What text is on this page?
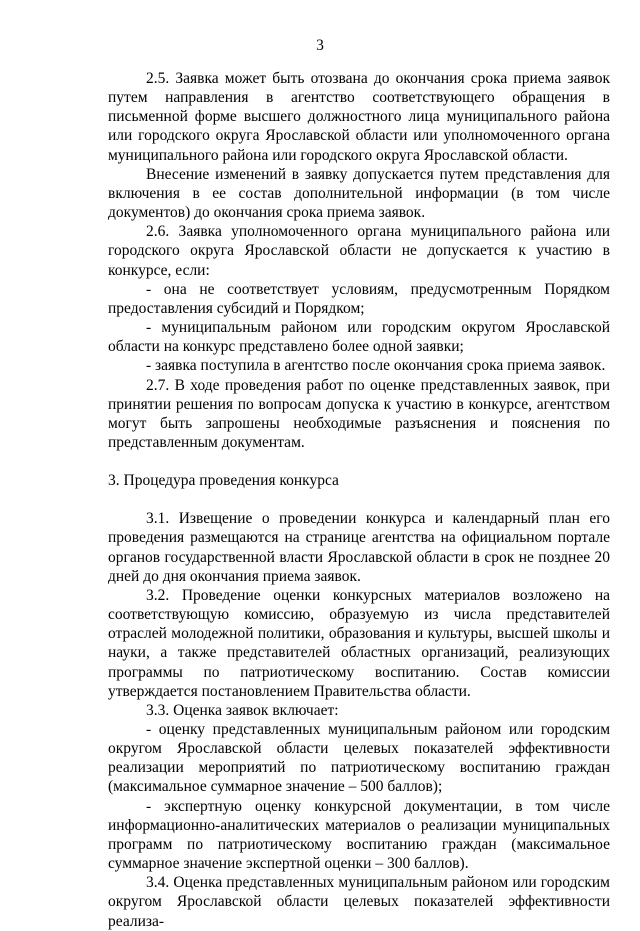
3

2.5. Заявка может быть отозвана до окончания срока приема заявок путем направления в агентство соответствующего обращения в письменной форме высшего должностного лица муниципального района или городского округа Ярославской области или уполномоченного органа муниципального района или городского округа Ярославской области.

Внесение изменений в заявку допускается путем представления для включения в ее состав дополнительной информации (в том числе документов) до окончания срока приема заявок.

2.6. Заявка уполномоченного органа муниципального района или городского округа Ярославской области не допускается к участию в конкурсе, если:

- она не соответствует условиям, предусмотренным Порядком предоставления субсидий и Порядком;

- муниципальным районом или городским округом Ярославской области на конкурс представлено более одной заявки;

- заявка поступила в агентство после окончания срока приема заявок.

2.7. В ходе проведения работ по оценке представленных заявок, при принятии решения по вопросам допуска к участию в конкурсе, агентством могут быть запрошены необходимые разъяснения и пояснения по представленным документам.

3. Процедура проведения конкурса

3.1. Извещение о проведении конкурса и календарный план его проведения размещаются на странице агентства на официальном портале органов государственной власти Ярославской области в срок не позднее 20 дней до дня окончания приема заявок.

3.2. Проведение оценки конкурсных материалов возложено на соответствующую комиссию, образуемую из числа представителей отраслей молодежной политики, образования и культуры, высшей школы и науки, а также представителей областных организаций, реализующих программы по патриотическому воспитанию. Состав комиссии утверждается постановлением Правительства области.

3.3. Оценка заявок включает:

- оценку представленных муниципальным районом или городским округом Ярославской области целевых показателей эффективности реализации мероприятий по патриотическому воспитанию граждан (максимальное суммарное значение – 500 баллов);

- экспертную оценку конкурсной документации, в том числе информационно-аналитических материалов о реализации муниципальных программ по патриотическому воспитанию граждан (максимальное суммарное значение экспертной оценки – 300 баллов).

3.4. Оценка представленных муниципальным районом или городским округом Ярославской области целевых показателей эффективности реализа-
